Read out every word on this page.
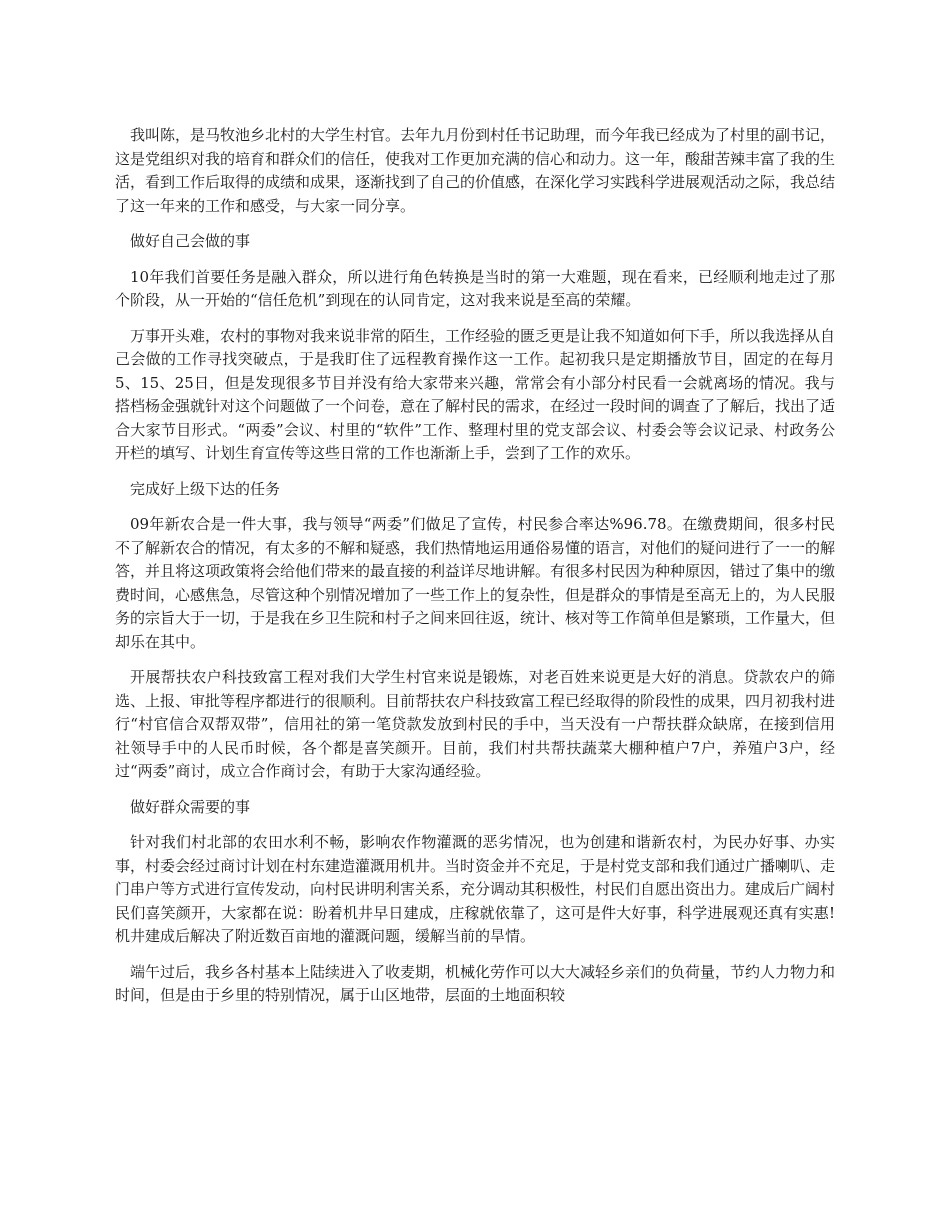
我叫陈，是马牧池乡北村的大学生村官。去年九月份到村任书记助理，而今年我已经成为了村里的副书记，这是党组织对我的培育和群众们的信任，使我对工作更加充满的信心和动力。这一年，酸甜苦辣丰富了我的生活，看到工作后取得的成绩和成果，逐渐找到了自己的价值感，在深化学习实践科学进展观活动之际，我总结了这一年来的工作和感受，与大家一同分享。

做好自己会做的事

10年我们首要任务是融入群众，所以进行角色转换是当时的第一大难题，现在看来，已经顺利地走过了那个阶段，从一开始的“信任危机”到现在的认同肯定，这对我来说是至高的荣耀。

万事开头难，农村的事物对我来说非常的陌生，工作经验的匮乏更是让我不知道如何下手，所以我选择从自己会做的工作寻找突破点，于是我盯住了远程教育操作这一工作。起初我只是定期播放节目，固定的在每月5、15、25日，但是发现很多节目并没有给大家带来兴趣，常常会有小部分村民看一会就离场的情况。我与搭档杨金强就针对这个问题做了一个问卷，意在了解村民的需求，在经过一段时间的调查了了解后，找出了适合大家节目形式。“两委”会议、村里的“软件”工作、整理村里的党支部会议、村委会等会议记录、村政务公开栏的填写、计划生育宣传等这些日常的工作也渐渐上手，尝到了工作的欢乐。

完成好上级下达的任务

09年新农合是一件大事，我与领导“两委”们做足了宣传，村民参合率达%96.78。在缴费期间，很多村民不了解新农合的情况，有太多的不解和疑惑，我们热情地运用通俗易懂的语言，对他们的疑问进行了一一的解答，并且将这项政策将会给他们带来的最直接的利益详尽地讲解。有很多村民因为种种原因，错过了集中的缴费时间，心感焦急，尽管这种个别情况增加了一些工作上的复杂性，但是群众的事情是至高无上的，为人民服务的宗旨大于一切，于是我在乡卫生院和村子之间来回往返，统计、核对等工作简单但是繁琐，工作量大，但却乐在其中。

开展帮扶农户科技致富工程对我们大学生村官来说是锻炼，对老百姓来说更是大好的消息。贷款农户的筛选、上报、审批等程序都进行的很顺利。目前帮扶农户科技致富工程已经取得的阶段性的成果，四月初我村进行“村官信合双帮双带”，信用社的第一笔贷款发放到村民的手中，当天没有一户帮扶群众缺席，在接到信用社领导手中的人民币时候，各个都是喜笑颜开。目前，我们村共帮扶蔬菜大棚种植户7户，养殖户3户，经过“两委”商讨，成立合作商讨会，有助于大家沟通经验。

做好群众需要的事

针对我们村北部的农田水利不畅，影响农作物灌溉的恶劣情况，也为创建和谐新农村，为民办好事、办实事，村委会经过商讨计划在村东建造灌溉用机井。当时资金并不充足，于是村党支部和我们通过广播喇叭、走门串户等方式进行宣传发动，向村民讲明利害关系，充分调动其积极性，村民们自愿出资出力。建成后广阔村民们喜笑颜开，大家都在说：盼着机井早日建成，庄稼就依靠了，这可是件大好事，科学进展观还真有实惠!机井建成后解决了附近数百亩地的灌溉问题，缓解当前的旱情。

端午过后，我乡各村基本上陆续进入了收麦期，机械化劳作可以大大减轻乡亲们的负荷量，节约人力物力和时间，但是由于乡里的特别情况，属于山区地带，层面的土地面积较
